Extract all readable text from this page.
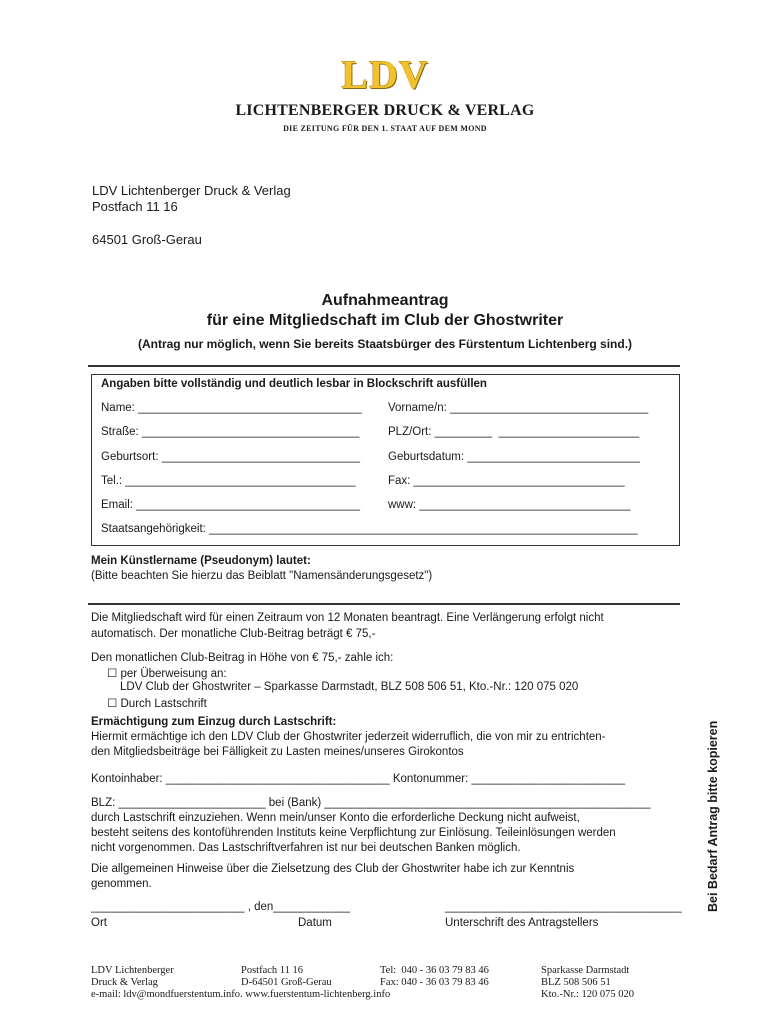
LDV
LICHTENBERGER DRUCK & VERLAG
DIE ZEITUNG FÜR DEN 1. STAAT AUF DEM MOND
LDV Lichtenberger Druck & Verlag
Postfach 11 16
64501 Groß-Gerau
Aufnahmeantrag
für eine Mitgliedschaft im Club der Ghostwriter
(Antrag nur möglich, wenn Sie bereits Staatsbürger des Fürstentum Lichtenberg sind.)
Angaben bitte vollständig und deutlich lesbar in Blockschrift ausfüllen
Name: ___________________________________ Vorname/n: _______________________________
Straße: __________________________________ PLZ/Ort: _________  ______________________
Geburtsort: _______________________________ Geburtsdatum: ___________________________
Tel.: ____________________________________	Fax: _________________________________
Email: ___________________________________ www: _________________________________
Staatsangehörigkeit: ___________________________________________________________________
Mein Künstlername (Pseudonym) lautet:
(Bitte beachten Sie hierzu das Beiblatt "Namensänderungsgesetz")
Die Mitgliedschaft wird für einen Zeitraum von 12 Monaten beantragt. Eine Verlängerung erfolgt nicht
automatisch. Der monatliche Club-Beitrag beträgt € 75,-
Den monatlichen Club-Beitrag in Höhe von € 75,- zahle ich:
☐ per Überweisung an:
LDV Club der Ghostwriter – Sparkasse Darmstadt, BLZ 508 506 51, Kto.-Nr.: 120 075 020
☐ Durch Lastschrift
Ermächtigung zum Einzug durch Lastschrift:
Hiermit ermächtige ich den LDV Club der Ghostwriter jederzeit widerruflich, die von mir zu entrichten-
den Mitgliedsbeiträge bei Fälligkeit zu Lasten meines/unseres Girokontos
Kontoinhaber: ___________________________________ Kontonummer: ________________________
BLZ: _______________________ bei (Bank) ___________________________________________________
durch Lastschrift einzuziehen. Wenn mein/unser Konto die erforderliche Deckung nicht aufweist,
besteht seitens des kontoführenden Instituts keine Verpflichtung zur Einlösung. Teileinlösungen werden
nicht vorgenommen. Das Lastschriftverfahren ist nur bei deutschen Banken möglich.
Die allgemeinen Hinweise über die Zielsetzung des Club der Ghostwriter habe ich zur Kenntnis
genommen.
________________________ , den____________	_____________________________________
Ort	Datum	Unterschrift des Antragstellers
Bei Bedarf Antrag bitte kopieren
LDV Lichtenberger
Druck & Verlag
Postfach 11 16
D-64501 Groß-Gerau
Tel:  040 - 36 03 79 83 46
Fax: 040 - 36 03 79 83 46
Sparkasse Darmstadt
BLZ 508 506 51
Kto.-Nr.: 120 075 020
e-mail: ldv@mondfuerstentum.info. www.fuerstentum-lichtenberg.info
